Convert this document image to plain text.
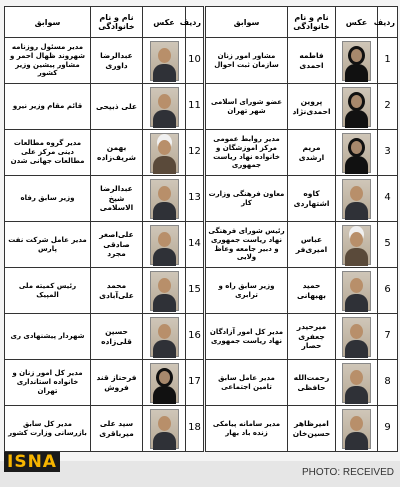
ردیف	عکس	نام و نام خانوادگی	سوابق
1		فاطمه احمدی	مشاور امور زنان سازمان ثبت احوال
2		پروین احمدی‌نژاد	عضو شورای اسلامی شهر تهران
3		مریم ارشدی	مدیر روابط عمومی مرکز اموزشگان و خانواده نهاد ریاست جمهوری
4		کاوه اشتهاردی	معاون فرهنگی وزارت کار
5		عباس امیری‌فر	رئیس شورای فرهنگی نهاد ریاست جمهوری و دبیر جامعه وعاظ ولایی
6		حمید بهبهانی	وزیر سابق راه و ترابری
7		میرحیدر جعفری حصار	مدیر کل امور آزادگان نهاد ریاست جمهوری
8		رحمت‌الله حافظی	مدیر عامل سابق تامین اجتماعی
9		امیرظاهر حسین‌خان	مدیر سامانه پیامکی زنده باد بهار
ردیف	عکس	نام و نام خانوادگی	سوابق
10		عبدالرضا داوری	مدیر مسئول روزنامه شهروند ظهال احمر و مشاور پیشین وزیر کشور
11		علی ذبیحی	قائم مقام وزیر نیرو
12		بهمن شریف‌زاده	مدیر گروه مطالعات دینی مرکز علی مطالعات جهانی شدن
13		عبدالرضا شیخ الاسلامی	وزیر سابق رفاه
14		علی‌اصغر صادقی مجرد	مدیر عامل شرکت نفت پارس
15		محمد علی‌آبادی	رئیس کمیته ملی المپیک
16		حسین قلی‌زاده	شهردار پیشنهادی ری
17		فرحناز قند فروش	مدیر کل امور زنان و خانواده استانداری تهران
18		سید علی میرباقری	مدیر کل سابق بازرسانی وزارت کشور
ISNA
PHOTO: RECEIVED
